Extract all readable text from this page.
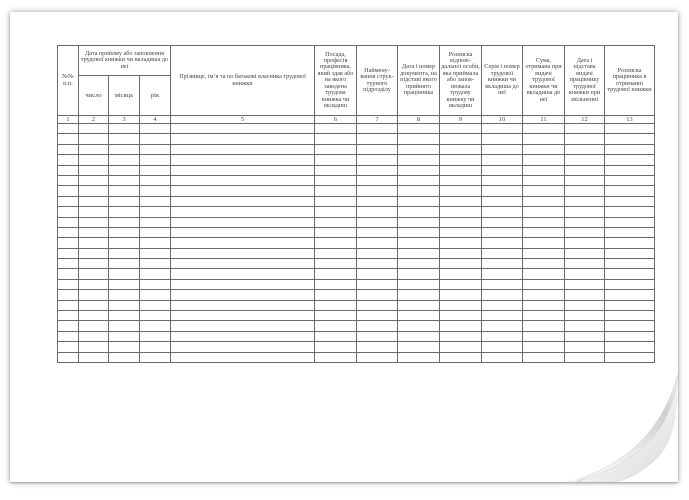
№№ п.п.	Дата прийому або заповнення трудової книжки чи вкладиша до неї			Прізвище, ім’я та по батькові власника трудової книжки	Посада, професія працівника, який здав або на якого заведена трудова книжка чи вкладиш	Наймену-вання струк-турного підрозділу	Дата і номер документа, на підставі якого прийнято працівника	Розписка відпові-дальної особи, яка приймала або запов-нювала трудову книжку чи вкладиш	Серія і номер трудової книжки чи вкладиша до неї	Сума, отримана при видачі трудової книжки чи вкладиша до неї	Дата і підстава видачі працівнику трудової книжки при звільненні	Розписка працівника в отриманні трудової книжки
	число	місяць	рік									
1	2	3	4	5	6	7	8	9	10	11	12	13
